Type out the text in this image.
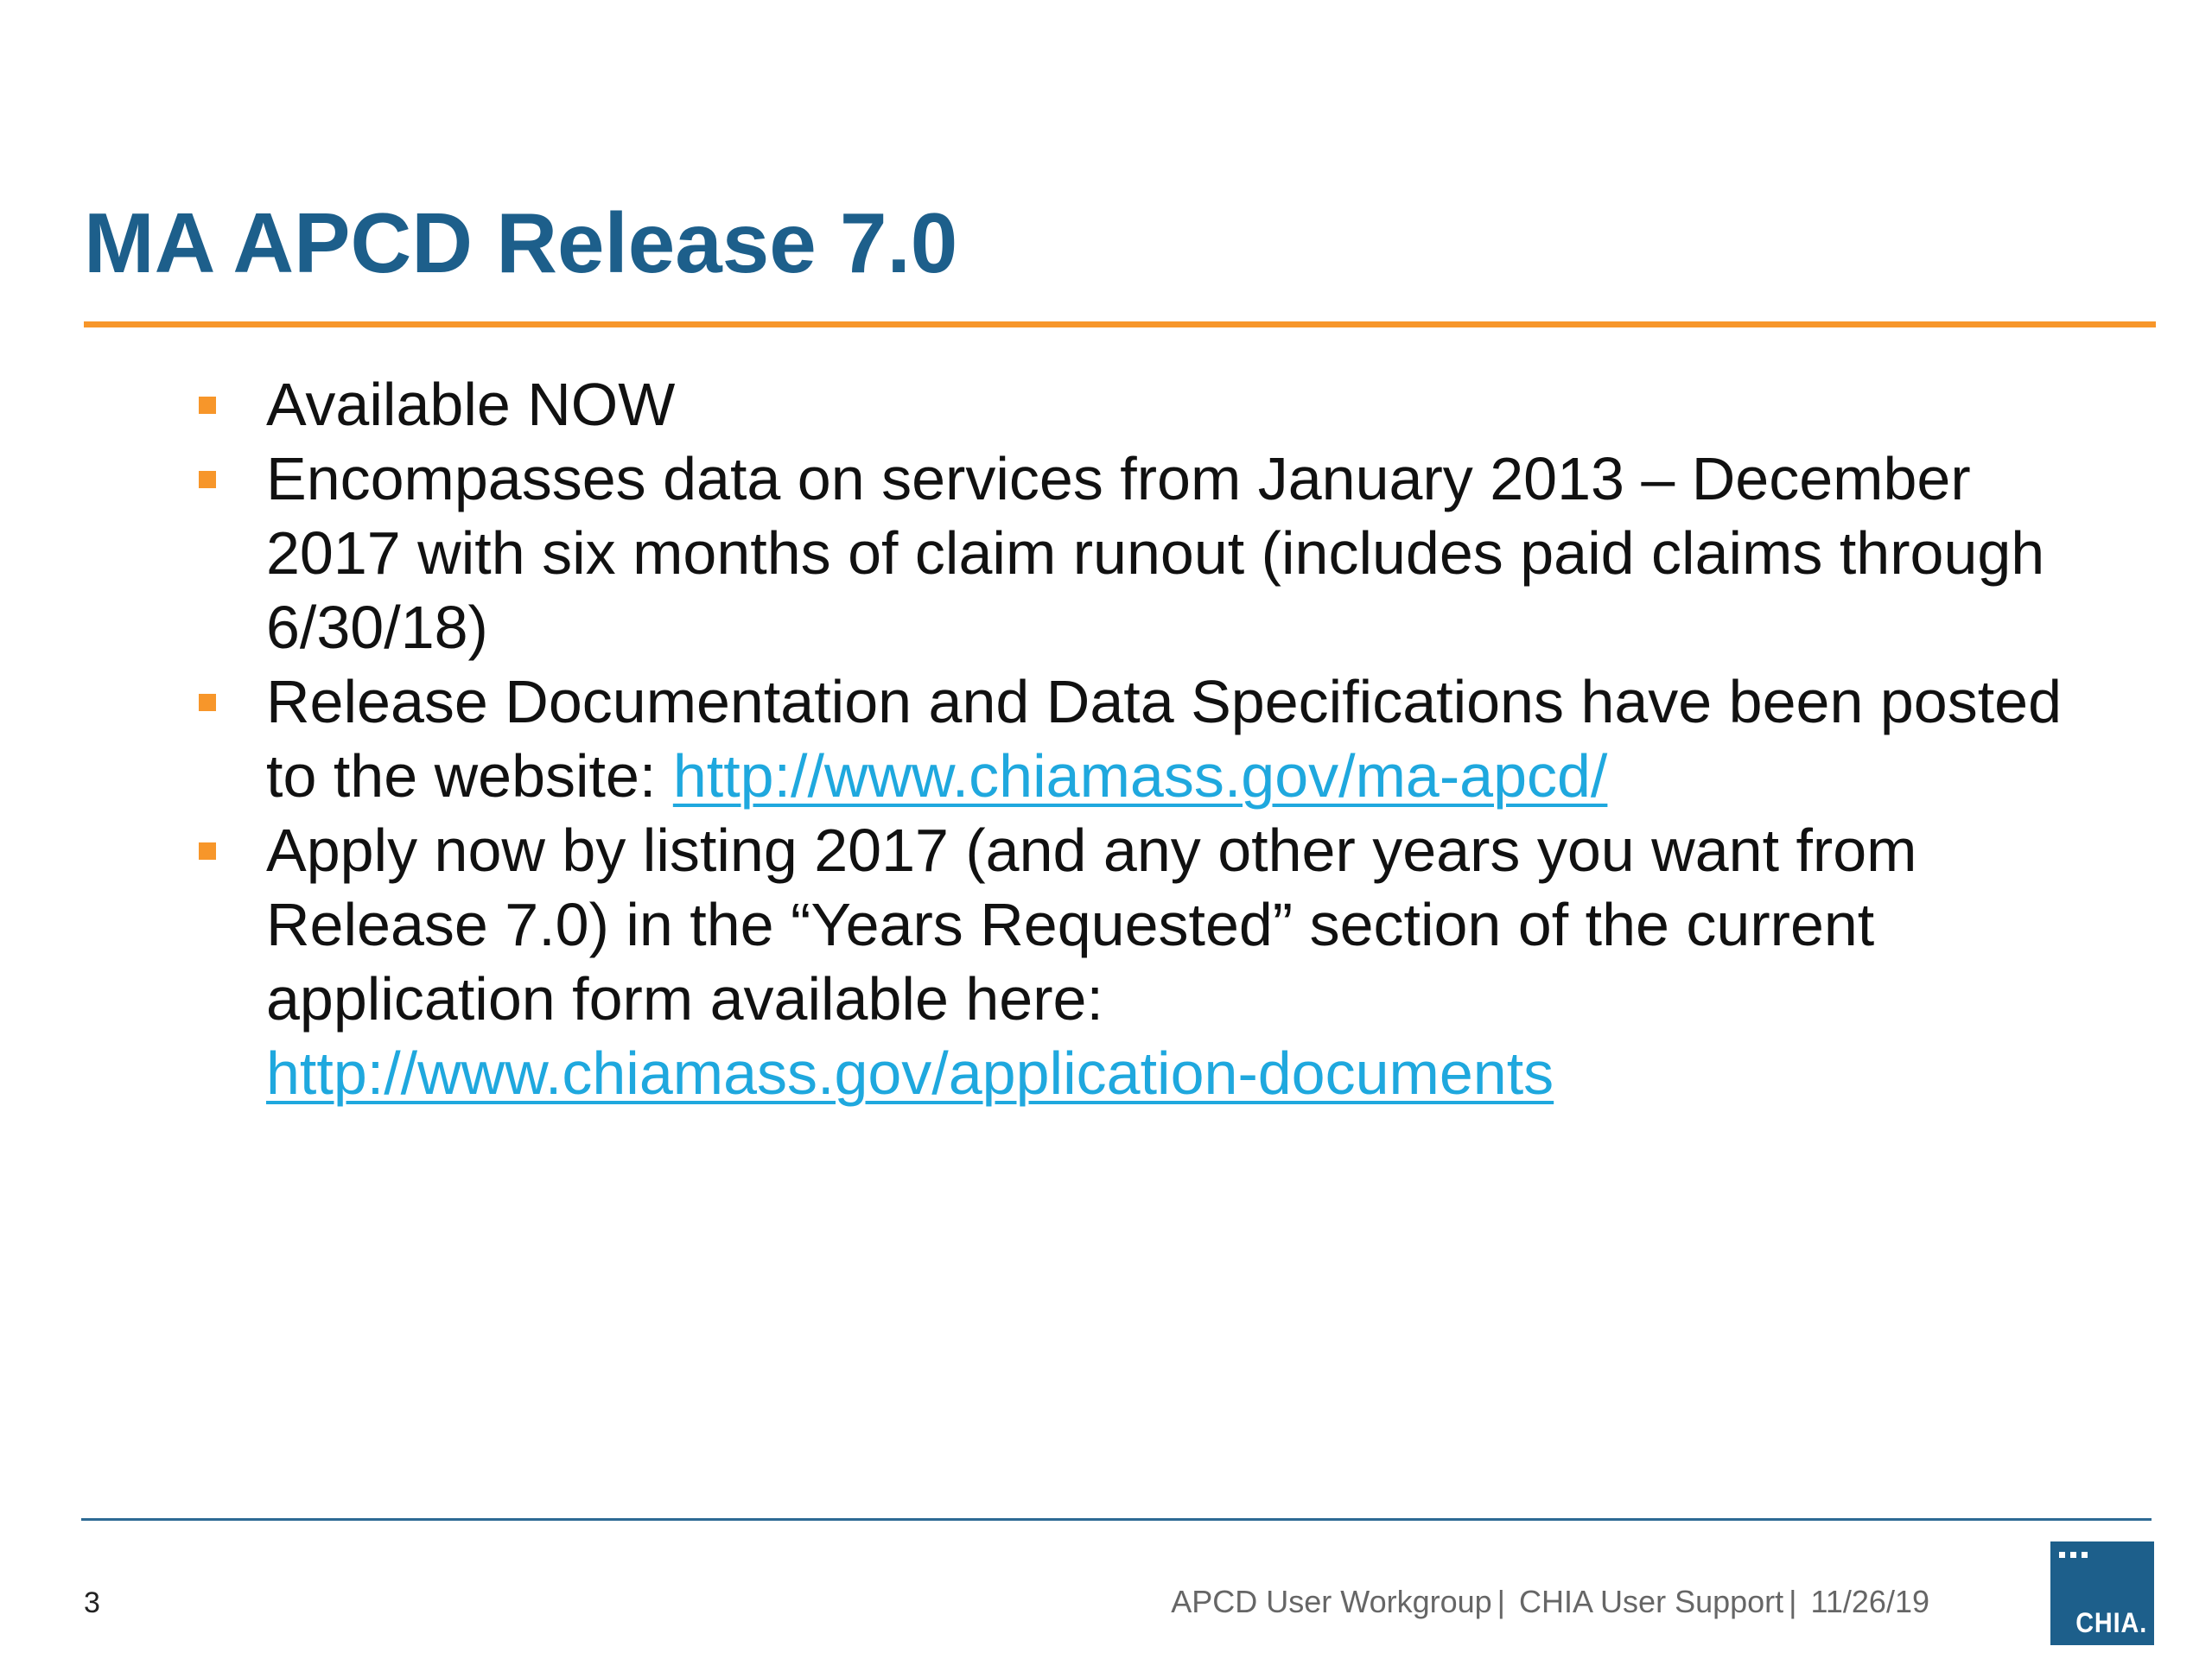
MA APCD Release 7.0
Available NOW
Encompasses data on services from January 2013 – December 2017 with six months of claim runout (includes paid claims through 6/30/18)
Release Documentation and Data Specifications have been posted to the website: http://www.chiamass.gov/ma-apcd/
Apply now by listing 2017 (and any other years you want from Release 7.0) in the “Years Requested” section of the current application form available here:
http://www.chiamass.gov/application-documents
3	APCD User Workgroup | CHIA User Support | 11/26/19
CHIA.
